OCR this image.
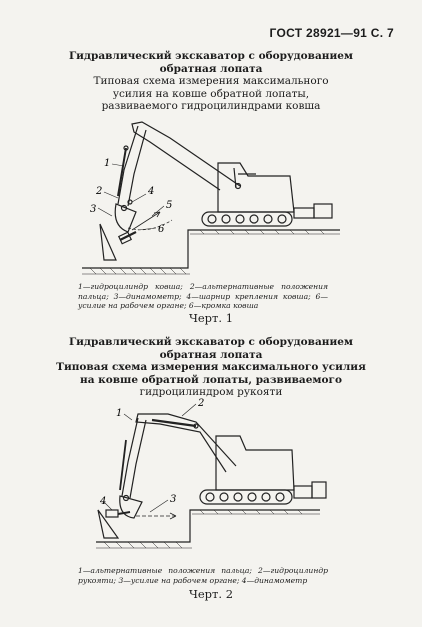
ГОСТ 28921—91 С. 7
Гидравлический экскаватор с оборудованием
обратная лопата
Типовая схема измерения максимального
усилия на ковше обратной лопаты,
развиваемого гидроцилиндрами ковша
1
2
3
4
5
6
1—гидроцилиндр ковша; 2—альтернативные положения пальца; 3—динамометр; 4—шарнир крепления ковша; 6—усилие на рабочем органе; 6—кромка ковша
Черт. 1
Гидравлический экскаватор с оборудованием
обратная лопата
Типовая схема измерения максимального усилия
на ковше обратной лопаты, развиваемого
гидроцилиндром рукояти
1
2
3
4
1—альтернативные положения пальца; 2—гидроцилиндр рукояти; 3—усилие на рабочем органе; 4—динамометр
Черт. 2
